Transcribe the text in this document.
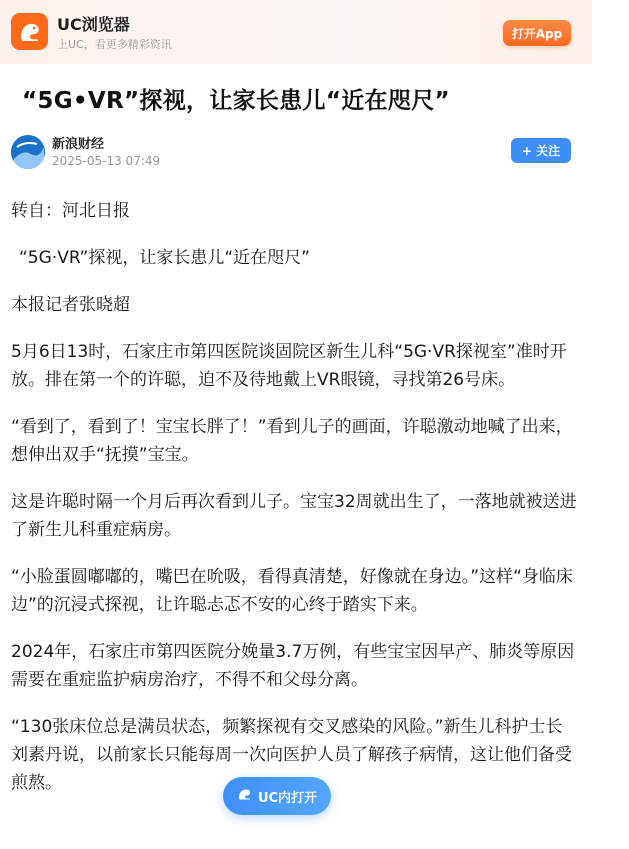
UC浏览器
上UC，看更多精彩资讯
打开App
“5G•VR”探视，让家长患儿“近在咫尺”
新浪财经
2025-05-13 07:49
+ 关注

转自：河北日报

“5G·VR”探视，让家长患儿“近在咫尺”

本报记者张晓超

5月6日13时，石家庄市第四医院谈固院区新生儿科“5G·VR探视室”准时开放。排在第一个的许聪，迫不及待地戴上VR眼镜，寻找第26号床。

“看到了，看到了！宝宝长胖了！”看到儿子的画面，许聪激动地喊了出来，想伸出双手“抚摸”宝宝。

这是许聪时隔一个月后再次看到儿子。宝宝32周就出生了，一落地就被送进了新生儿科重症病房。

“小脸蛋圆嘟嘟的，嘴巴在吮吸，看得真清楚，好像就在身边。”这样“身临床边”的沉浸式探视，让许聪忐忑不安的心终于踏实下来。

2024年，石家庄市第四医院分娩量3.7万例，有些宝宝因早产、肺炎等原因需要在重症监护病房治疗，不得不和父母分离。

“130张床位总是满员状态，频繁探视有交叉感染的风险。”新生儿科护士长刘素丹说，以前家长只能每周一次向医护人员了解孩子病情，这让他们备受煎熬。

UC内打开
